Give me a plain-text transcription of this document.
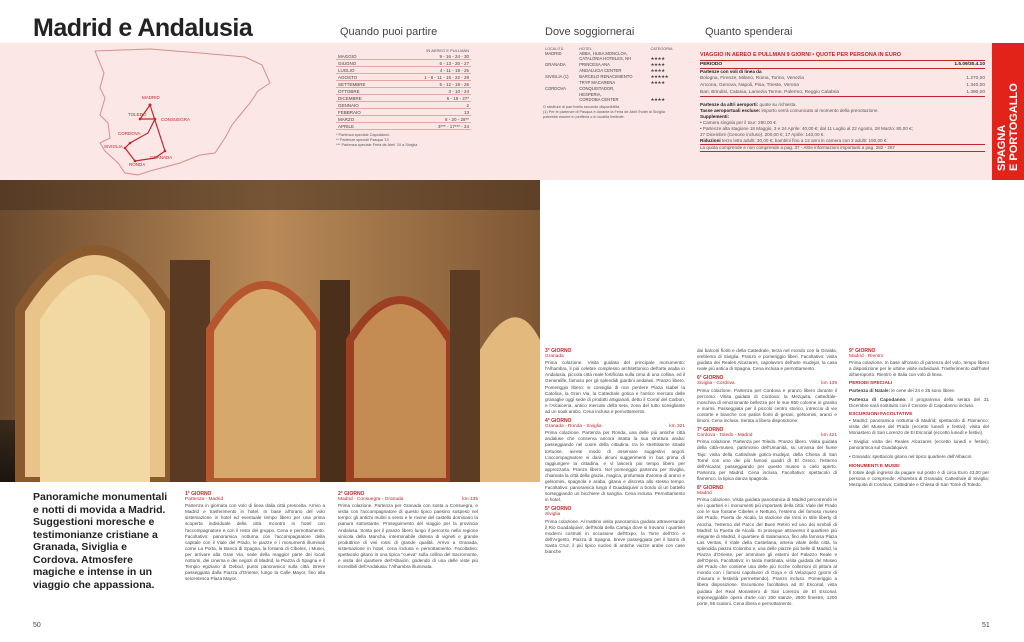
Madrid e Andalusia	Quando puoi partire	Dove soggiornerai	Quanto spenderai
SPAGNA E PORTOGALLO
MADRID
TOLEDO
CONSUEGRA
CORDOVA
SIVIGLIA
GRANADA
RONDA
	IN AEREO E PULLMAN
MAGGIO	9 - 16 - 24 - 30
GIUGNO	6 - 13 - 20 - 27
LUGLIO	4 - 11 - 18 - 25
AGOSTO	1 - 8 - 11 - 15 - 22 - 29
SETTEMBRE	5 - 12 - 19 - 26
OTTOBRE	3 - 10 - 24
DICEMBRE	5 - 19 - 27*
GENNAIO	2
FEBBRAIO	13
MARZO	6 - 20 - 28**
APRILE	3*** - 17*** - 24
* Partenza speciale Capodanno
** Partenze speciali Pasqua '10
*** Partenza speciale Feria de Abril '10 a Siviglia
LOCALITÀ	HOTEL	CATEGORIA
MADRID	ABBA, HUSA MONCLOA,	
	CATALONIA HOTELES, NH	★★★★
GRANADA	PRINCESA ANA	★★★★
	ANDALUCIA CENTER	★★★★
SIVIGLIA (1)	BARCELO RENACIMIENTO	★★★★★
	TRYP MACARENA	★★★★
CORDOVA	CONQUISTADOR,	
	HESPERIA,	
	CORDOBA CENTER	★★★★
O strutture di pari livello secondo disponibilità.
(1) Per le partenze di Pasqua e durante la Feria de Abril l'hotel di Siviglia
potrebbe essere in periferia o in località limitrofe.
VIAGGIO IN AEREO E PULLMAN 9 GIORNI • QUOTE PER PERSONA IN EURO
PERIODO	1.5.09/30.4.10
Partenze con voli di linea da
Bologna, Firenze, Milano, Roma, Torino, Venezia	1.270,00
Ancona, Genova, Napoli, Pisa, Trieste, Verona	1.340,00
Bari, Brindisi, Catania, Lamezia Terme, Palermo, Reggio Calabria	1.390,00
Partenze da altri aeroporti: quote su richiesta.
Tasse aeroportuali escluse: importo verrà comunicato al momento della prenotazione.
Supplementi:
• Camera singola per il tour: 290,00 €.
• Partenze alta stagione 18 Maggio, 3 e 24 Aprile: 40,00 €; dal 11 Luglio al 22 Agosto, 28 Marzo: 80,00 €;
27 Dicembre (Cenone incluso): 200,00 €; 17 Aprile: 140,00 €.
Riduzioni terzo letto adulti: 30,00 €; bambini fino a 12 anni in camera con 2 adulti: 150,00 €.
La quota comprende e non comprende a pag. 37 - Altre informazioni importanti a pag. 282 - 287
Panoramiche monumentali e notti di movida a Madrid. Suggestioni moresche e testimonianze cristiane a Granada, Siviglia e Cordova. Atmosfere magiche e intense in un viaggio che appassiona.
1° GIORNO
Partenza - Madrid

Partenza in giornata con volo di linea dalla città prescelta. Arrivo a Madrid e trasferimento in hotel. In base all'orario del volo sistemazione in hotel ed eventuale tempo libero per una prima scoperta individuale della città. Incontro in hotel con l'accompagnatore e con il resto del gruppo. Cena e pernottamento. Facoltativo: panoramica notturna con l'accompagnatore della capitale con il Viale del Prado, le piazze e i monumenti illuminati come La Porta, la Banca di Spagna, la fontana di Cibeles, i Musei, per arrivare alla Gran Via, sede della maggior parte dei locali notturni, dei cinema e dei negozi di Madrid, la Piazza di Spagna e il Tempio egiziano di Debod, punto panoramico sulla città. Breve passeggiata dalla Piazza d'Oriente, lungo la Calle Mayor, fino alla seicentesca Plaza Mayor.

2° GIORNO
Madrid - Consuegra - Granada	km 435

Prima colazione. Partenza per Granada con sosta a Consuegra, e visita con l'accompagnatore di questo tipico paesino sospeso nel tempo: gli antichi mulini a vento e le rovine del castello dominano la pianura sottostante. Proseguimento del viaggio per la provincia Andalusa. Sosta per il pranzo libero lungo il percorso nella regione vinicola della Mancha, interminabile distesa di vigneti e grande produttrice di vini rossi di grande qualità. Arrivo a Granada, sistemazione in hotel, cena inclusa e pernottamento. Facoltativo: spettacolo gitano in una tipica "cueva" sulla collina del Sacromonte, e visita del quartiere dell'Albaicin, godendo di una delle viste più incredibili dell'Andalusia: l'Alhambra illuminata.

3° GIORNO
Granada

Prima colazione. Visita guidata del principale monumento: l'Alhambra, il più celebre complesso architettonico dell'arte araba in Andalusia, piccola città reale fortificata sulla cima di una collina, ed il Generalife, famoso per gli splendidi giardini andalusi. Pranzo libero. Pomeriggio libero: si consiglia di non perdere Plaza Isabel la Catolica, la Gran Via, la Cattedrale gotica e l'antico mercato delle granaglie oggi sede di prodotti artigianali, detto il Corral del Carbon, e l'Alcaiceria, antico mercato della seta, zona del tutto somigliante ad un souk arabo. Cena inclusa e pernottamento.

4° GIORNO
Granada - Ronda - Siviglia	km 321

Prima colazione. Partenza per Ronda, una delle più antiche città andaluse che conserva ancora intatta la sua struttura araba: passeggiando nel cuore della cittadina, tra le strettissime strade tortuose, avrete modo di osservare suggestivi angoli. L'accompagnatore vi darà alcuni suggerimenti in bus prima di raggiungere la cittadina, e vi lascerà poi tempo libero per apprezzarla. Pranzo libero. Nel pomeriggio partenza per Siviglia, chiamata la città della grazia, magica, profumata d'aroma di aranci e gelsomini, spagnola e araba, gitana e discreta allo stesso tempo. Facoltativo: panoramica lungo il Guadalquivir a bordo di un battello sorseggiando un bicchiere di sangria. Cena inclusa. Pernottamento in hotel.

5° GIORNO
Siviglia

Prima colazione. Al mattino visita panoramica guidata attraversando il Rio Guadalquivir, dell'Isola della Cartuja dove si trovano i quartieri moderni costruiti in occasione dell'Expo, la Torre dell'Oro e dell'Argento, Piazza di Spagna, breve passeggiata per il barrio di Santa Cruz, il più tipico nucleo di antiche viuzze arabe con case bianche

dai balconi fioriti e della Cattedrale, terza nel mondo con la Giralda, emblema di Siviglia. Pranzo e pomeriggio liberi. Facoltativo: visita guidata dei Reales Alcazares, capolavoro dell'arte mudejar, la casa reale più antica di Spagna. Cena inclusa e pernottamento.

6° GIORNO
Siviglia - Cordova	km 139

Prima colazione. Partenza per Cordova e pranzo libero durante il percorso. Visita guidata di Cordova: la Mezquita, cattedrale-moschea di emozionante bellezza per le sue 850 colonne in granito e marmi. Passeggiata per il piccolo centro storico, intreccio di vie contorte e bianche con patios fioriti di gerani, gelsomini, aranci e limoni. Cena inclusa. Serata a libera disposizione.

7° GIORNO
Cordova - Toledo - Madrid	km 421

Prima colazione. Partenza per Toledo. Pranzo libero. Visita guidata della città-museo, patrimonio dell'Umanità, su un'ansa del fiume Tajo: visita della Cattedrale gotico-mudejar, della Chiesa di San Tomé con uno dei più famosi quadri di El Greco, l'esterno dell'Alcazar, passeggiando per questo museo a cielo aperto. Partenza per Madrid. Cena inclusa. Facoltativo: spettacolo di flamenco, la tipica danza spagnola.

8° GIORNO
Madrid

Prima colazione. Visita guidata panoramica di Madrid percorrendo le vie i quartieri e i monumenti più importanti della città: Viale del Prado con le sue fontane Cibeles e Nettuno, l'esterno del famoso museo del Prado, Puerta de Alcalà, la stazione dei treni in stile liberty di Atocha, l'esterno del Parco del Buen Retiro ed uno dei simboli di Madrid: la Puerta de Alcalà. Si prosegue attraverso il quartiere più elegante di Madrid, il quartiere di Salamanca, fino alla famosa Plaza Las Ventas, il Viale della Castellana, arteria vitale della città, la splendida piazza Colombo e, una delle piazze più belle di Madrid, la Piazza d'Oriente, per ammirare gli esterni del Palazzo Reale e dell'Opera. Facoltativo: in tarda mattinata, visita guidata del Museo del Prado che contiene una delle più ricche collezioni di pittura al mondo con i famosi capolavori di Goya e di Velazquez (giorni di chiusura e festività permettendo). Pranzo incluso. Pomeriggio a libera disposizione. Escursione facoltativa ad El Escorial, vista guidata del Real Monastero di San Lorenzo de El Escorial, imponeggiabile opera d'arte con 200 stanze, 2600 finestre, 1200 porte, 86 scaloni. Cena libera e pernottamento.

9° GIORNO
Madrid - Rientro

Prima colazione. In base all'orario di partenza del volo, tempo libero a disposizione per le ultime visite individuali. Trasferimento dall'hotel all'aeroporto. Rientro in Italia con volo di linea.

PERIODI SPECIALI

Partenza di Natale: le cene del 24 e 25 sono libere.

Partenza di Capodanno: il programma della serata del 31 Dicembre sarà sostituito con il Cenone di Capodanno incluso.

ESCURSIONI FACOLTATIVE

• Madrid: panoramica notturna di Madrid; spettacolo di Flamenco; visita del Museo del Prado (eccetto lunedì e festivi); visita del Monastero di San Lorenzo de El Escorial (eccetto lunedì e festivi).

• Siviglia: visita dei Reales Alcazares (eccetto lunedì e festivi); panoramica sul Guadalquivir.

• Granada: spettacolo gitano nel tipico quartiere dell'Albaicin.

MONUMENTI E MUSEI

Il totale degli ingressi da pagare sul posto è di circa Euro 43,00 per persona e comprende: Alhambra di Granada; Cattedrale di Siviglia; Mezquita di Cordova; Cattedrale e Chiesa di San Tomè di Toledo.

50	51
